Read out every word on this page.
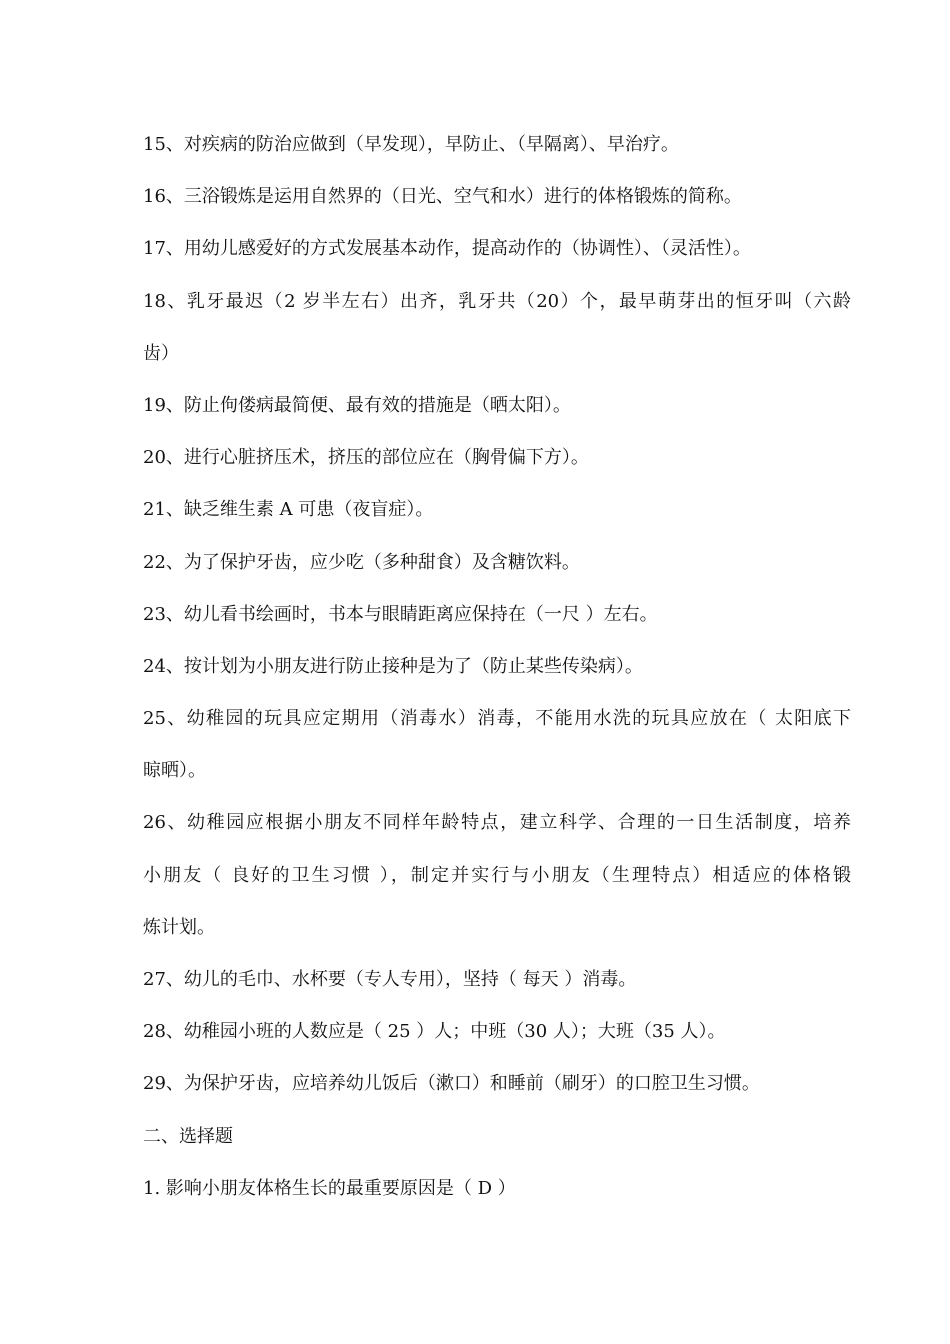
15、对疾病的防治应做到（早发现），早防止、（早隔离）、早治疗。
16、三浴锻炼是运用自然界的（日光、空气和水）进行的体格锻炼的简称。
17、用幼儿感爱好的方式发展基本动作，提高动作的（协调性）、（灵活性）。
18、乳牙最迟（2 岁半左右）出齐，乳牙共（20）个，最早萌芽出的恒牙叫（六龄
齿）
19、防止佝偻病最简便、最有效的措施是（晒太阳）。
20、进行心脏挤压术，挤压的部位应在（胸骨偏下方）。
21、缺乏维生素 A 可患（夜盲症）。
22、为了保护牙齿，应少吃（多种甜食）及含糖饮料。
23、幼儿看书绘画时，书本与眼睛距离应保持在（一尺 ）左右。
24、按计划为小朋友进行防止接种是为了（防止某些传染病）。
25、幼稚园的玩具应定期用（消毒水）消毒，不能用水洗的玩具应放在（ 太阳底下
晾晒）。
26、幼稚园应根据小朋友不同样年龄特点，建立科学、合理的一日生活制度，培养
小朋友（ 良好的卫生习惯 ），制定并实行与小朋友（生理特点）相适应的体格锻
炼计划。
27、幼儿的毛巾、水杯要（专人专用），坚持（ 每天 ）消毒。
28、幼稚园小班的人数应是（ 25 ）人；中班（30 人）；大班（35 人）。
29、为保护牙齿，应培养幼儿饭后（漱口）和睡前（刷牙）的口腔卫生习惯。
二、选择题
1. 影响小朋友体格生长的最重要原因是（ D ）
